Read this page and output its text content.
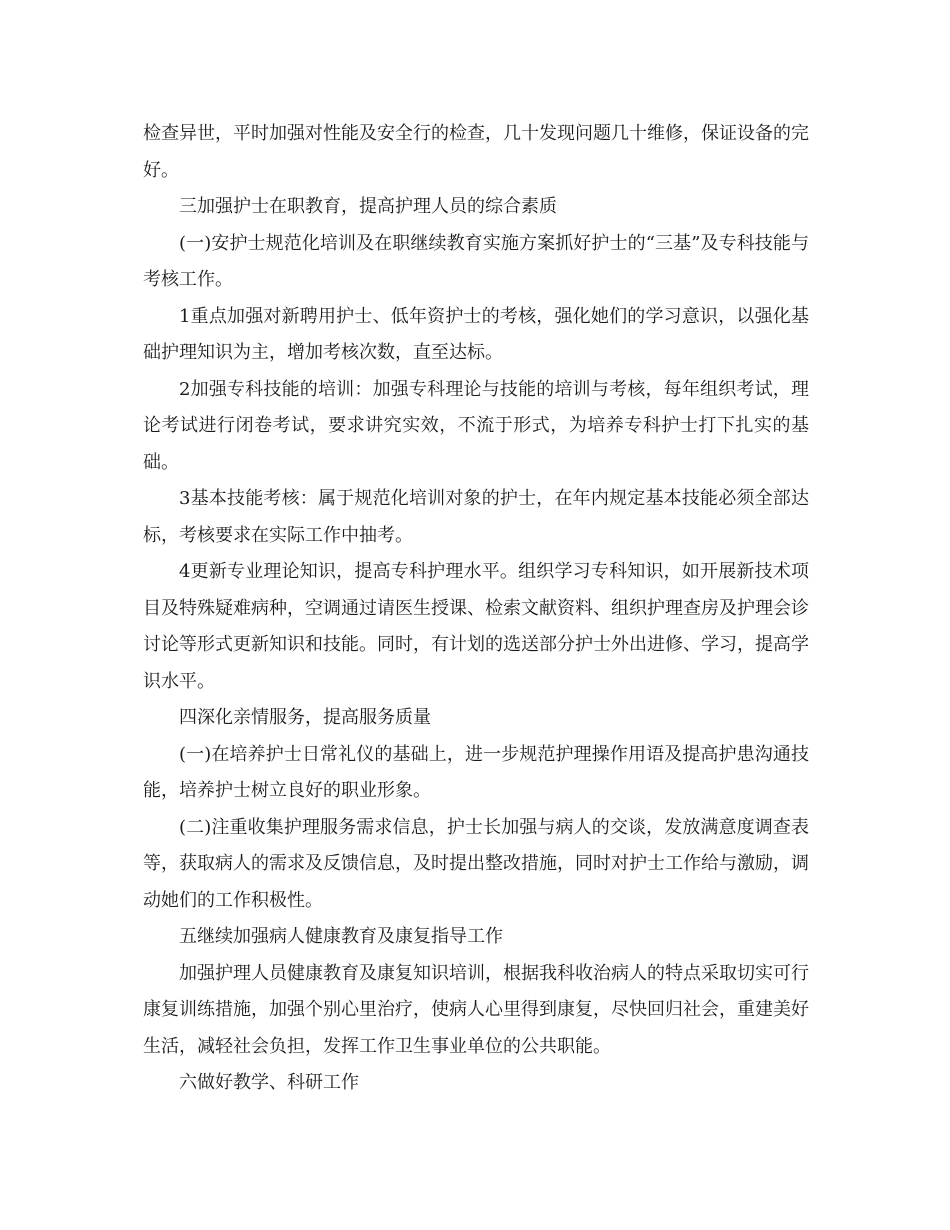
检查异世，平时加强对性能及安全行的检查，几十发现问题几十维修，保证设备的完好。

三加强护士在职教育，提高护理人员的综合素质

(一)安护士规范化培训及在职继续教育实施方案抓好护士的“三基”及专科技能与考核工作。

1重点加强对新聘用护士、低年资护士的考核，强化她们的学习意识，以强化基础护理知识为主，增加考核次数，直至达标。

2加强专科技能的培训：加强专科理论与技能的培训与考核，每年组织考试，理论考试进行闭卷考试，要求讲究实效，不流于形式，为培养专科护士打下扎实的基础。

3基本技能考核：属于规范化培训对象的护士，在年内规定基本技能必须全部达标，考核要求在实际工作中抽考。

4更新专业理论知识，提高专科护理水平。组织学习专科知识，如开展新技术项目及特殊疑难病种，空调通过请医生授课、检索文献资料、组织护理查房及护理会诊讨论等形式更新知识和技能。同时，有计划的选送部分护士外出进修、学习，提高学识水平。

四深化亲情服务，提高服务质量

(一)在培养护士日常礼仪的基础上，进一步规范护理操作用语及提高护患沟通技能，培养护士树立良好的职业形象。

(二)注重收集护理服务需求信息，护士长加强与病人的交谈，发放满意度调查表等，获取病人的需求及反馈信息，及时提出整改措施，同时对护士工作给与激励，调动她们的工作积极性。

五继续加强病人健康教育及康复指导工作

加强护理人员健康教育及康复知识培训，根据我科收治病人的特点采取切实可行康复训练措施，加强个别心里治疗，使病人心里得到康复，尽快回归社会，重建美好生活，减轻社会负担，发挥工作卫生事业单位的公共职能。

六做好教学、科研工作
